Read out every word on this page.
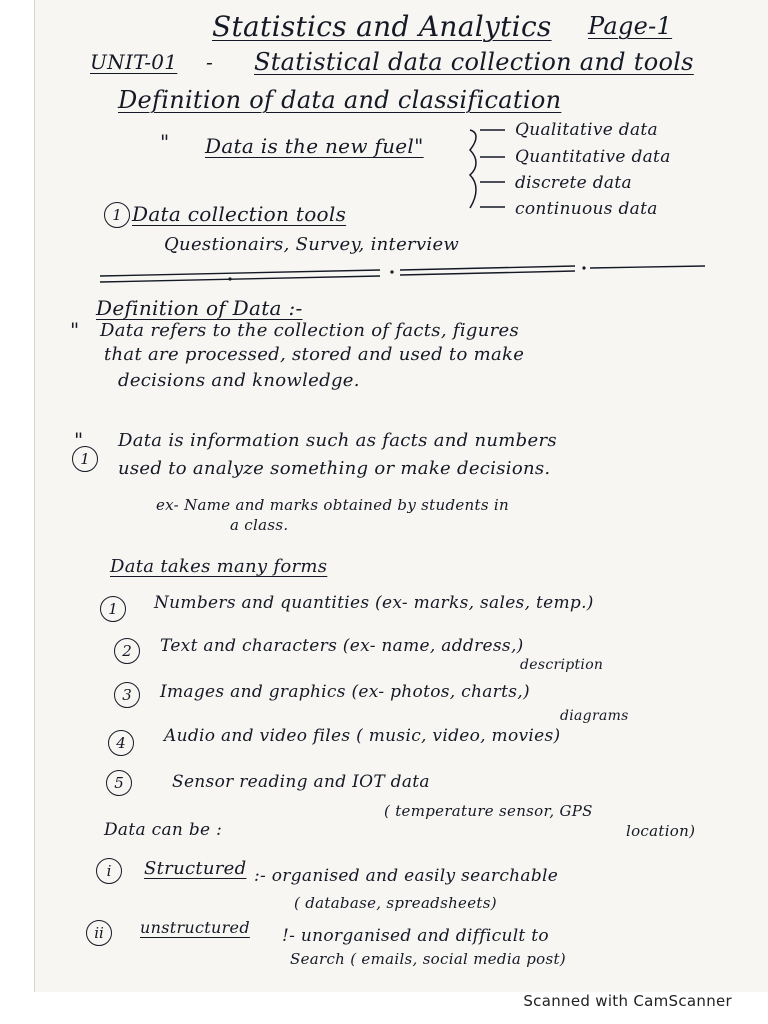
Statistics and Analytics Page-1
UNIT-01 - Statistical data collection and tools
Definition of data and classification
" Data is the new fuel"
Qualitative data
Quantitative data
discrete data
continuous data
1 Data collection tools
Questionairs, Survey, interview
Definition of Data :-
" Data refers to the collection of facts, figures
that are processed, stored and used to make
decisions and knowledge.
"
1
Data is information such as facts and numbers
used to analyze something or make decisions.
ex- Name and marks obtained by students in
a class.
Data takes many forms
1	Numbers and quantities (ex- marks, sales, temp.)
2	Text and characters (ex- name, address,)
description
3	Images and graphics (ex- photos, charts,)
diagrams
4	Audio and video files ( music, video, movies)
5	Sensor reading and IOT data
( temperature sensor, GPS
location)
Data can be :
i	Structured :- organised and easily searchable
( database, spreadsheets)
ii	unstructured !- unorganised and difficult to
Search ( emails, social media post)
Scanned with CamScanner
